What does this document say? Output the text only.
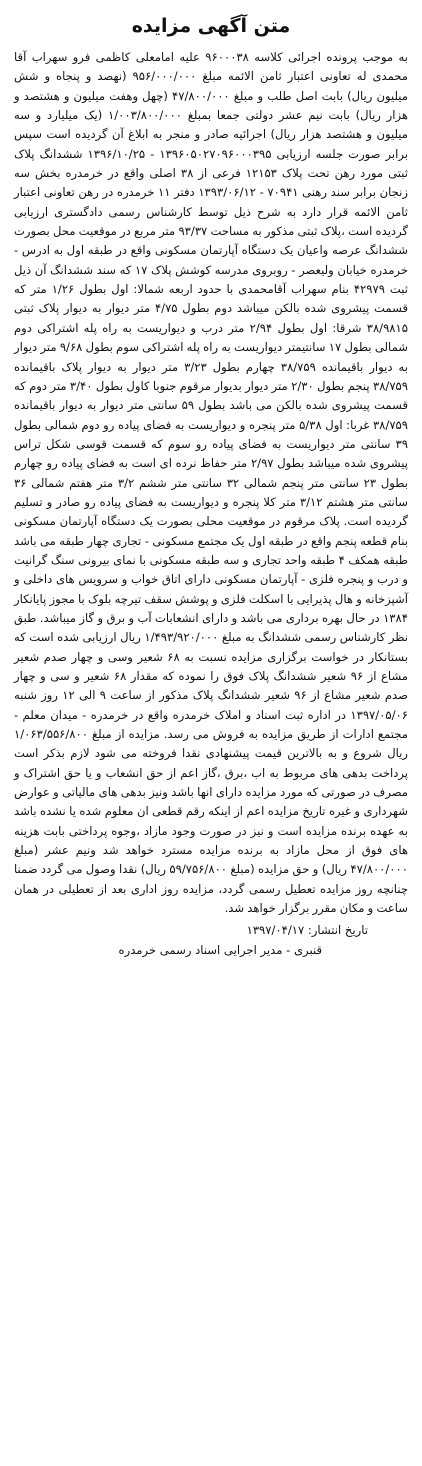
متن آگهی مزایده
به موجب پرونده اجرائی کلاسه ۹۶۰۰۰۳۸ علیه امامعلی کاظمی فرو سهراب آقا محمدی له تعاونی اعتبار ثامن الائمه مبلغ ۹۵۶/۰۰۰/۰۰۰ (نهصد و پنجاه و شش میلیون ریال) بابت اصل طلب و مبلغ ۴۷/۸۰۰/۰۰۰ (چهل وهفت میلیون و هشتصد و هزار ریال) بابت نیم عشر دولتی جمعا بمبلغ ۱/۰۰۳/۸۰۰/۰۰۰ (یک میلیارد و سه میلیون و هشتصد هزار ریال) اجرائیه صادر و منجر به ابلاغ آن گردیده است سپس برابر صورت جلسه ارزیابی ۱۳۹۶۰۵۰۲۷۰۹۶۰۰۰۳۹۵ - ۱۳۹۶/۱۰/۲۵ ششدانگ پلاک ثبتی مورد رهن تحت پلاک ۱۲۱۵۳ فرعی از ۳۸ اصلی واقع در خرمدره بخش سه زنجان برابر سند رهنی ۷۰۹۴۱ - ۱۳۹۳/۰۶/۱۲ دفتر ۱۱ خرمدره در رهن تعاونی اعتبار ثامن الائمه قرار دارد به شرح ذیل توسط کارشناس رسمی دادگستری ارزیابی گردیده است ،پلاک ثبتی مذکور به مساحت ۹۳/۳۷ متر مربع در موقعیت محل بصورت ششدانگ عرصه واعیان یک دستگاه آپارتمان مسکونی واقع در طبقه اول به ادرس - خرمدره خیابان ولیعصر - روبروی مدرسه کوشش پلاک ۱۷ که سند ششدانگ آن ذیل ثبت ۴۲۹۷۹ بنام سهراب آقامحمدی با حدود اربعه شمالا: اول بطول ۱/۲۶ متر که قسمت پیشروی شده بالکن میباشد دوم بطول ۴/۷۵ متر دیوار به دیوار پلاک ثبتی ۳۸/۹۸۱۵ شرقا: اول بطول ۲/۹۴ متر درب و دیواریست به راه پله اشتراکی دوم شمالی بطول ۱۷ سانتیمتر دیواریست به راه پله اشتراکی سوم بطول ۹/۶۸ متر دیوار به دیوار باقیمانده ۳۸/۷۵۹ چهارم بطول ۳/۲۳ متر دیوار به دیوار پلاک باقیمانده ۳۸/۷۵۹ پنجم بطول ۲/۳۰ متر دیوار بدیوار مرقوم جنوبا کاول بطول ۳/۴۰ متر دوم که قسمت پیشروی شده بالکن می باشد بطول ۵۹ سانتی متر دیوار به دیوار باقیمانده ۳۸/۷۵۹ غربا: اول ۵/۳۸ متر پنجره و دیواریست به فضای پیاده رو دوم شمالی بطول ۳۹ سانتی متر دیواریست به فضای پیاده رو سوم که قسمت قوسی شکل تراس پیشروی شده میباشد بطول ۲/۹۷ متر حفاظ نرده ای است به فضای پیاده رو چهارم بطول ۲۳ سانتی متر پنجم شمالی ۳۲ سانتی متر ششم ۳/۲ متر هفتم شمالی ۳۶ سانتی متر هشتم ۳/۱۲ متر کلا پنجره و دیواریست به فضای پیاده رو صادر و تسلیم گردیده است. پلاک مرقوم در موقعیت محلی بصورت یک دستگاه آپارتمان مسکونی بنام قطعه پنجم واقع در طبقه اول یک مجتمع مسکونی - تجاری چهار طبقه می باشد طبقه همکف ۴ طبقه واحد تجاری و سه طبقه مسکونی با نمای بیرونی سنگ گرانیت و درب و پنجره فلزی - آپارتمان مسکونی دارای اتاق خواب و سرویس های داخلی و آشپزخانه و هال پذیرایی با اسکلت فلزی و پوشش سقف تیرچه بلوک با مجوز پایانکار ۱۳۸۴ در حال بهره برداری می باشد و دارای انشعابات آب و برق و گاز میباشد. طبق نظر کارشناس رسمی ششدانگ به مبلغ ۱/۴۹۳/۹۲۰/۰۰۰ ریال ارزیابی شده است که بستانکار در خواست برگزاری مزایده نسبت به ۶۸ شعیر وسی و چهار صدم شعیر مشاع از ۹۶ شعیر ششدانگ پلاک فوق را نموده که مقدار ۶۸ شعیر و سی و چهار صدم شعیر مشاع از ۹۶ شعیر ششدانگ پلاک مذکور از ساعت ۹ الی ۱۲ روز شنبه ۱۳۹۷/۰۵/۰۶ در اداره ثبت اسناد و املاک خرمدره واقع در خرمدره - میدان معلم - مجتمع ادارات از طریق مزایده به فروش می رسد. مزایده از مبلغ ۱/۰۶۳/۵۵۶/۸۰۰ ریال شروع و به بالاترین قیمت پیشنهادی نقدا فروخته می شود لازم بذکر است پرداخت بدهی های مربوط به اب ،برق ،گاز اعم از حق انشعاب و یا حق اشتراک و مصرف در صورتی که مورد مزایده دارای انها باشد ونیز بدهی های مالیاتی و عوارض شهرداری و غیره تاریخ مزایده اعم از اینکه رقم قطعی ان معلوم شده یا نشده باشد به عهده برنده مزایده است و نیز در صورت وجود مازاد ،وجوه پرداختی بابت هزینه های فوق از محل مازاد به برنده مزایده مسترد خواهد شد ونیم عشر (مبلغ ۴۷/۸۰۰/۰۰۰ ریال) و حق مزایده (مبلغ ۵۹/۷۵۶/۸۰۰ ریال) نقدا وصول می گردد ضمنا چنانچه روز مزایده تعطیل رسمی گردد، مزایده روز اداری بعد از تعطیلی در همان ساعت و مکان مقرر برگزار خواهد شد.
تاریخ انتشار: ۱۳۹۷/۰۴/۱۷
قنبری - مدیر اجرایی اسناد رسمی خرمدره
